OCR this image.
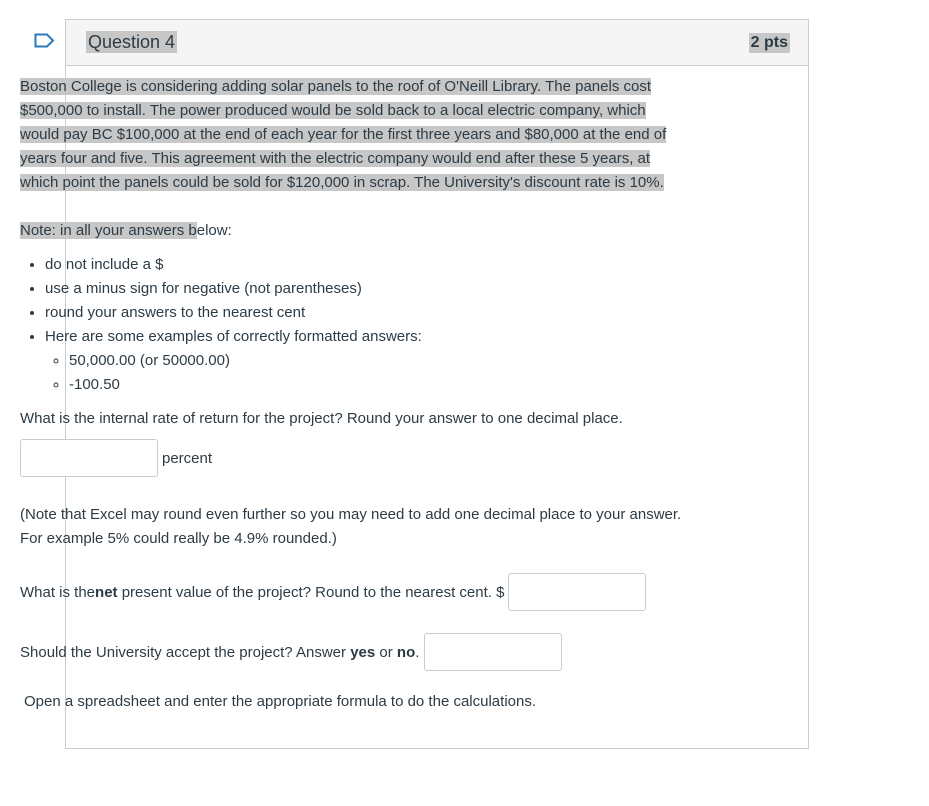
Question 4	2 pts

Boston College is considering adding solar panels to the roof of O'Neill Library. The panels cost
$500,000 to install. The power produced would be sold back to a local electric company, which
would pay BC $100,000 at the end of each year for the first three years and $80,000 at the end of
years four and five. This agreement with the electric company would end after these 5 years, at
which point the panels could be sold for $120,000 in scrap. The University's discount rate is 10%.

Note: in all your answers below:

• do not include a $
• use a minus sign for negative (not parentheses)
• round your answers to the nearest cent
• Here are some examples of correctly formatted answers:
◦ 50,000.00 (or 50000.00)
◦ -100.50

What is the internal rate of return for the project? Round your answer to one decimal place.

percent
(Note that Excel may round even further so you may need to add one decimal place to your answer.
For example 5% could really be 4.9% rounded.)
What is the net present value of the project? Round to the nearest cent. $
Should the University accept the project? Answer yes or no .
Open a spreadsheet and enter the appropriate formula to do the calculations.
